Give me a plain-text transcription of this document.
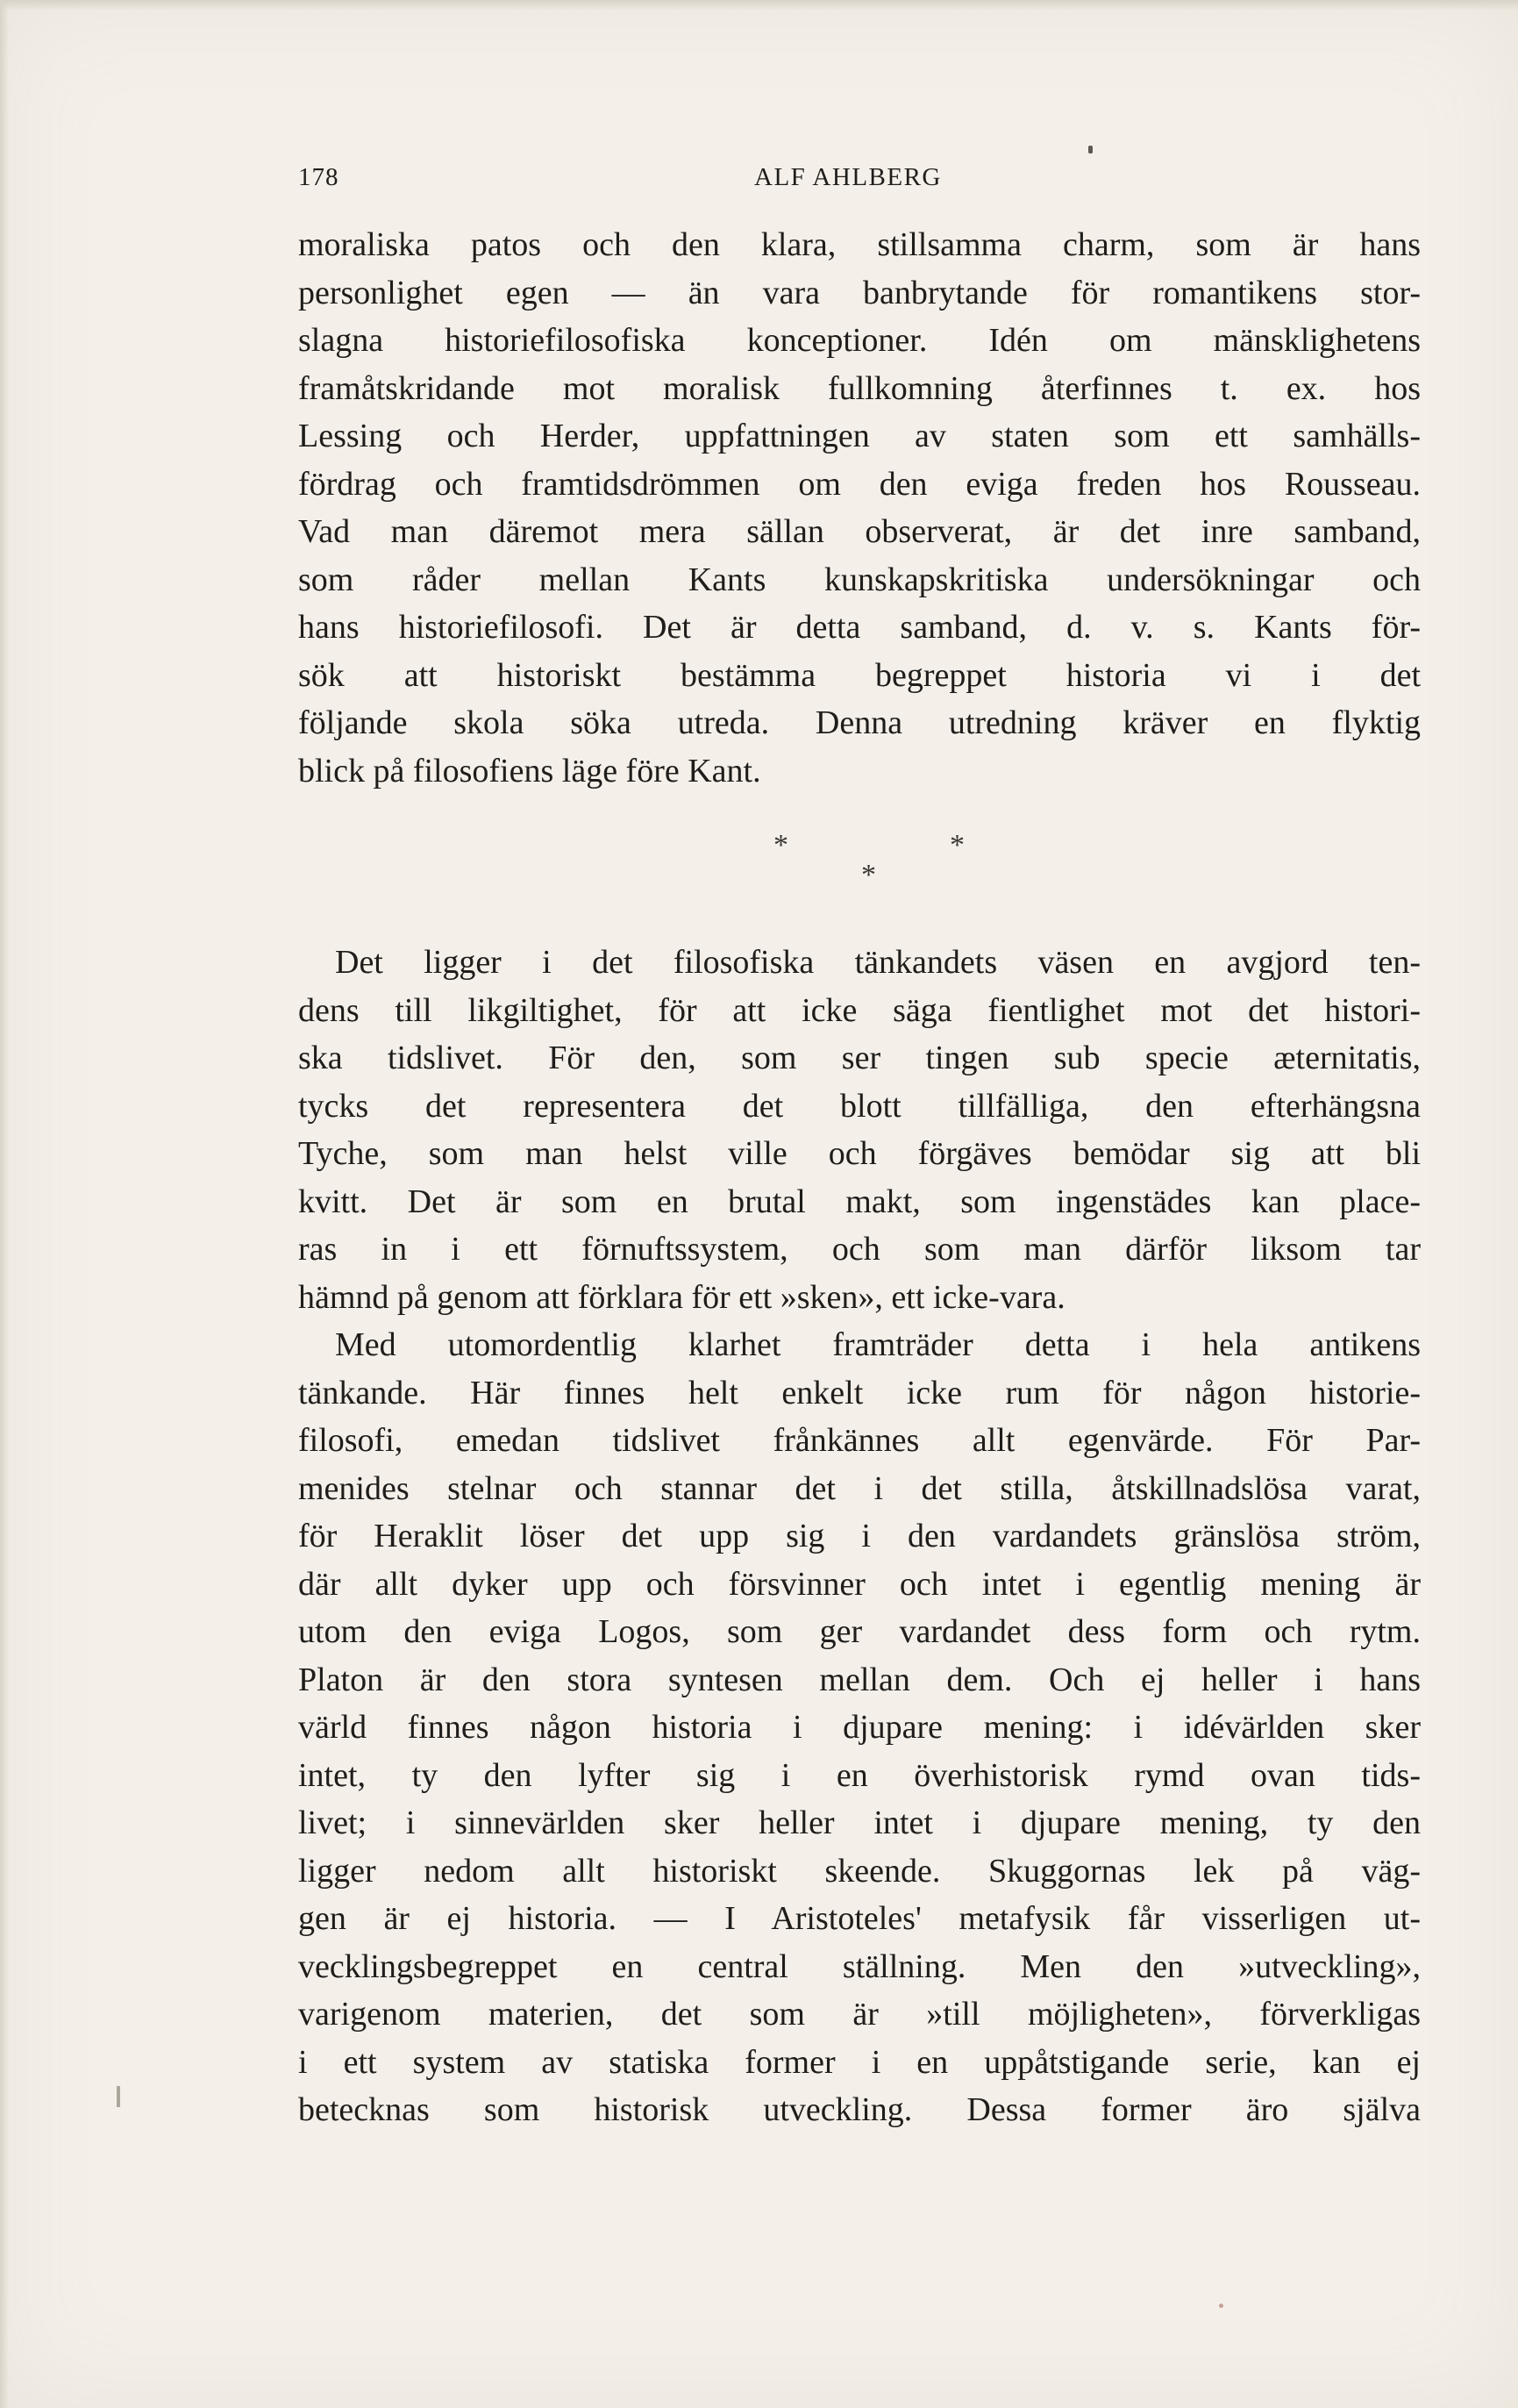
178	ALF AHLBERG
moraliska patos och den klara, stillsamma charm, som är hans
personlighet egen — än vara banbrytande för romantikens stor-
slagna historiefilosofiska konceptioner. Idén om mänsklighetens
framåtskridande mot moralisk fullkomning återfinnes t. ex. hos
Lessing och Herder, uppfattningen av staten som ett samhälls-
fördrag och framtidsdrömmen om den eviga freden hos Rousseau.
Vad man däremot mera sällan observerat, är det inre samband,
som råder mellan Kants kunskapskritiska undersökningar och
hans historiefilosofi. Det är detta samband, d. v. s. Kants för-
sök att historiskt bestämma begreppet historia vi i det
följande skola söka utreda. Denna utredning kräver en flyktig
blick på filosofiens läge före Kant.
*	*
*
Det ligger i det filosofiska tänkandets väsen en avgjord ten-
dens till likgiltighet, för att icke säga fientlighet mot det histori-
ska tidslivet. För den, som ser tingen sub specie æternitatis,
tycks det representera det blott tillfälliga, den efterhängsna
Tyche, som man helst ville och förgäves bemödar sig att bli
kvitt. Det är som en brutal makt, som ingenstädes kan place-
ras in i ett förnuftssystem, och som man därför liksom tar
hämnd på genom att förklara för ett »sken», ett icke-vara.
Med utomordentlig klarhet framträder detta i hela antikens
tänkande. Här finnes helt enkelt icke rum för någon historie-
filosofi, emedan tidslivet frånkännes allt egenvärde. För Par-
menides stelnar och stannar det i det stilla, åtskillnadslösa varat,
för Heraklit löser det upp sig i den vardandets gränslösa ström,
där allt dyker upp och försvinner och intet i egentlig mening är
utom den eviga Logos, som ger vardandet dess form och rytm.
Platon är den stora syntesen mellan dem. Och ej heller i hans
värld finnes någon historia i djupare mening: i idévärlden sker
intet, ty den lyfter sig i en överhistorisk rymd ovan tids-
livet; i sinnevärlden sker heller intet i djupare mening, ty den
ligger nedom allt historiskt skeende. Skuggornas lek på väg-
gen är ej historia. — I Aristoteles' metafysik får visserligen ut-
vecklingsbegreppet en central ställning. Men den »utveckling»,
varigenom materien, det som är »till möjligheten», förverkligas
i ett system av statiska former i en uppåtstigande serie, kan ej
betecknas som historisk utveckling. Dessa former äro själva
